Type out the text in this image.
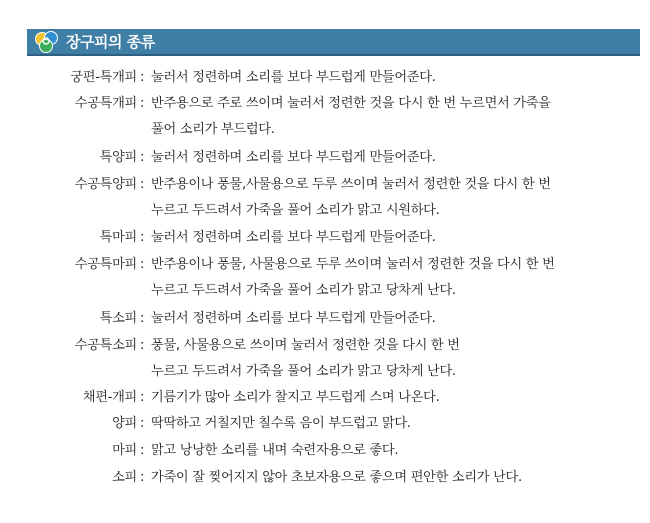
장구피의 종류
궁편-특개피 : 눌러서 정련하며 소리를 보다 부드럽게 만들어준다.
수공특개피 : 반주용으로 주로 쓰이며 눌러서 정련한 것을 다시 한 번 누르면서 가죽을
풀어 소리가 부드럽다.
특양피 : 눌러서 정련하며 소리를 보다 부드럽게 만들어준다.
수공특양피 : 반주용이나 풍물,사물용으로 두루 쓰이며 눌러서 정련한 것을 다시 한 번
누르고 두드려서 가죽을 풀어 소리가 맑고 시원하다.
특마피 : 눌러서 정련하며 소리를 보다 부드럽게 만들어준다.
수공특마피 : 반주용이나 풍물, 사물용으로 두루 쓰이며 눌러서 정련한 것을 다시 한 번
누르고 두드려서 가죽을 풀어 소리가 맑고 당차게 난다.
특소피 : 눌러서 정련하며 소리를 보다 부드럽게 만들어준다.
수공특소피 : 풍물, 사물용으로 쓰이며 눌러서 정련한 것을 다시 한 번
누르고 두드려서 가죽을 풀어 소리가 맑고 당차게 난다.
채편-개피 : 기름기가 많아 소리가 찰지고 부드럽게 스며 나온다.
양피 : 딱딱하고 거칠지만 칠수록 음이 부드럽고 맑다.
마피 : 맑고 낭낭한 소리를 내며 숙련자용으로 좋다.
소피 : 가죽이 잘 찢어지지 않아 초보자용으로 좋으며 편안한 소리가 난다.
